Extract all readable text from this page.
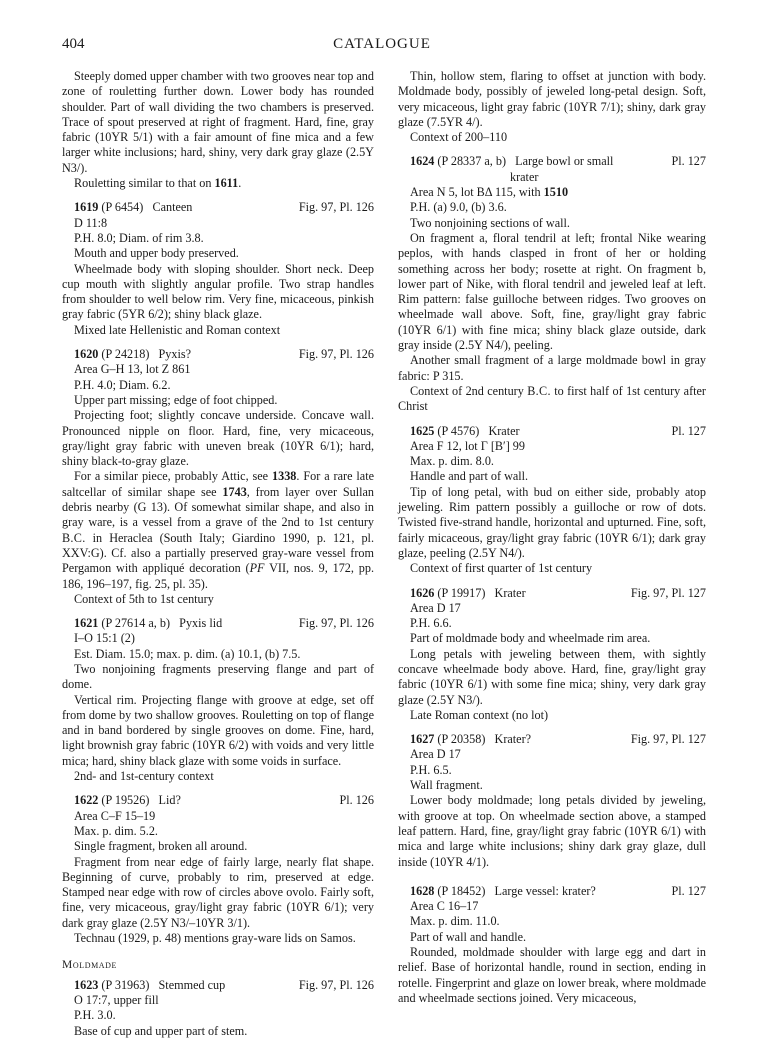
404	CATALOGUE

Steeply domed upper chamber with two grooves near top and zone of rouletting further down. Lower body has rounded shoulder. Part of wall dividing the two chambers is preserved. Trace of spout preserved at right of fragment. Hard, fine, gray fabric (10YR 5/1) with a fair amount of fine mica and a few larger white inclusions; hard, shiny, very dark gray glaze (2.5Y N3/).

Rouletting similar to that on 1611.

1619 (P 6454) Canteen	Fig. 97, Pl. 126

D 11:8

P.H. 8.0; Diam. of rim 3.8.

Mouth and upper body preserved.

Wheelmade body with sloping shoulder. Short neck. Deep cup mouth with slightly angular profile. Two strap handles from shoulder to well below rim. Very fine, micaceous, pinkish gray fabric (5YR 6/2); shiny black glaze.

Mixed late Hellenistic and Roman context

1620 (P 24218) Pyxis?	Fig. 97, Pl. 126

Area G–H 13, lot Z 861

P.H. 4.0; Diam. 6.2.

Upper part missing; edge of foot chipped.

Projecting foot; slightly concave underside. Concave wall. Pronounced nipple on floor. Hard, fine, very micaceous, gray/light gray fabric with uneven break (10YR 6/1); hard, shiny black-to-gray glaze.

For a similar piece, probably Attic, see 1338. For a rare late saltcellar of similar shape see 1743, from layer over Sullan debris nearby (G 13). Of somewhat similar shape, and also in gray ware, is a vessel from a grave of the 2nd to 1st century B.C. in Heraclea (South Italy; Giardino 1990, p. 121, pl. XXV:G). Cf. also a partially preserved gray-ware vessel from Pergamon with appliqué decoration (PF VII, nos. 9, 172, pp. 186, 196–197, fig. 25, pl. 35).

Context of 5th to 1st century

1621 (P 27614 a, b) Pyxis lid	Fig. 97, Pl. 126

I–O 15:1 (2)

Est. Diam. 15.0; max. p. dim. (a) 10.1, (b) 7.5.

Two nonjoining fragments preserving flange and part of dome.

Vertical rim. Projecting flange with groove at edge, set off from dome by two shallow grooves. Rouletting on top of flange and in band bordered by single grooves on dome. Fine, hard, light brownish gray fabric (10YR 6/2) with voids and very little mica; hard, shiny black glaze with some voids in surface.

2nd- and 1st-century context

1622 (P 19526) Lid?	Pl. 126

Area C–F 15–19

Max. p. dim. 5.2.

Single fragment, broken all around.

Fragment from near edge of fairly large, nearly flat shape. Beginning of curve, probably to rim, preserved at edge. Stamped near edge with row of circles above ovolo. Fairly soft, fine, very micaceous, gray/light gray fabric (10YR 6/1); very dark gray glaze (2.5Y N3/–10YR 3/1).

Technau (1929, p. 48) mentions gray-ware lids on Samos.

Moldmade

1623 (P 31963) Stemmed cup	Fig. 97, Pl. 126

O 17:7, upper fill

P.H. 3.0.

Base of cup and upper part of stem.

Thin, hollow stem, flaring to offset at junction with body. Moldmade body, possibly of jeweled long-petal design. Soft, very micaceous, light gray fabric (10YR 7/1); shiny, dark gray glaze (7.5YR 4/).

Context of 200–110

1624 (P 28337 a, b) Large bowl or small	Pl. 127

krater

Area N 5, lot BΔ 115, with 1510

P.H. (a) 9.0, (b) 3.6.

Two nonjoining sections of wall.

On fragment a, floral tendril at left; frontal Nike wearing peplos, with hands clasped in front of her or holding something across her body; rosette at right. On fragment b, lower part of Nike, with floral tendril and jeweled leaf at left. Rim pattern: false guilloche between ridges. Two grooves on wheelmade wall above. Soft, fine, gray/light gray fabric (10YR 6/1) with fine mica; shiny black glaze outside, dark gray inside (2.5Y N4/), peeling.

Another small fragment of a large moldmade bowl in gray fabric: P 315.

Context of 2nd century B.C. to first half of 1st century after Christ

1625 (P 4576) Krater	Pl. 127

Area F 12, lot Γ [B′] 99

Max. p. dim. 8.0.

Handle and part of wall.

Tip of long petal, with bud on either side, probably atop jeweling. Rim pattern possibly a guilloche or row of dots. Twisted five-strand handle, horizontal and upturned. Fine, soft, fairly micaceous, gray/light gray fabric (10YR 6/1); dark gray glaze, peeling (2.5Y N4/).

Context of first quarter of 1st century

1626 (P 19917) Krater	Fig. 97, Pl. 127

Area D 17

P.H. 6.6.

Part of moldmade body and wheelmade rim area.

Long petals with jeweling between them, with sightly concave wheelmade body above. Hard, fine, gray/light gray fabric (10YR 6/1) with some fine mica; shiny, very dark gray glaze (2.5Y N3/).

Late Roman context (no lot)

1627 (P 20358) Krater?	Fig. 97, Pl. 127

Area D 17

P.H. 6.5.

Wall fragment.

Lower body moldmade; long petals divided by jeweling, with groove at top. On wheelmade section above, a stamped leaf pattern. Hard, fine, gray/light gray fabric (10YR 6/1) with mica and large white inclusions; shiny dark gray glaze, dull inside (10YR 4/1).

1628 (P 18452) Large vessel: krater?	Pl. 127

Area C 16–17

Max. p. dim. 11.0.

Part of wall and handle.

Rounded, moldmade shoulder with large egg and dart in relief. Base of horizontal handle, round in section, ending in rotelle. Fingerprint and glaze on lower break, where moldmade and wheelmade sections joined. Very micaceous,
